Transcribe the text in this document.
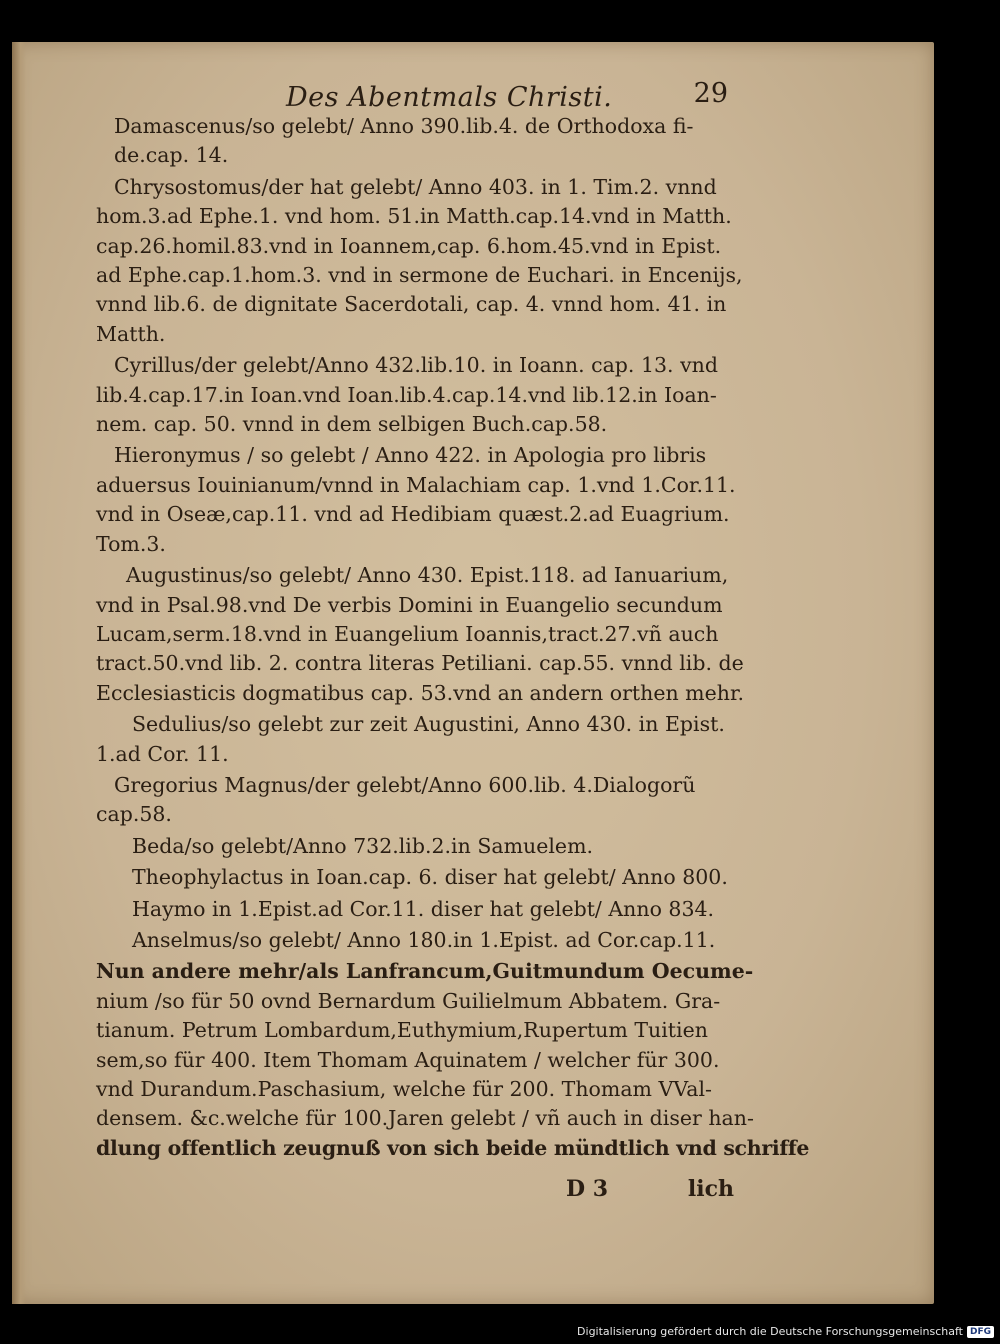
Des Abentmals Christi.	29

Damascenus/so gelebt/ Anno 390.lib.4. de Orthodoxa fi-
de.cap. 14.

Chrysostomus/der hat gelebt/ Anno 403. in 1. Tim.2. vnnd
hom.3.ad Ephe.1. vnd hom. 51.in Matth.cap.14.vnd in Matth.
cap.26.homil.83.vnd in Ioannem,cap. 6.hom.45.vnd in Epist.
ad Ephe.cap.1.hom.3. vnd in sermone de Euchari. in Encenijs,
vnnd lib.6. de dignitate Sacerdotali, cap. 4. vnnd hom. 41. in
Matth.

Cyrillus/der gelebt/Anno 432.lib.10. in Ioann. cap. 13. vnd
lib.4.cap.17.in Ioan.vnd Ioan.lib.4.cap.14.vnd lib.12.in Ioan-
nem. cap. 50. vnnd in dem selbigen Buch.cap.58.

Hieronymus / so gelebt / Anno 422. in Apologia pro libris
aduersus Iouinianum/vnnd in Malachiam cap. 1.vnd 1.Cor.11.
vnd in Oseæ,cap.11. vnd ad Hedibiam quæst.2.ad Euagrium.
Tom.3.

Augustinus/so gelebt/ Anno 430. Epist.118. ad Ianuarium,
vnd in Psal.98.vnd De verbis Domini in Euangelio secundum
Lucam,serm.18.vnd in Euangelium Ioannis,tract.27.vñ auch
tract.50.vnd lib. 2. contra literas Petiliani. cap.55. vnnd lib. de
Ecclesiasticis dogmatibus cap. 53.vnd an andern orthen mehr.

Sedulius/so gelebt zur zeit Augustini, Anno 430. in Epist.
1.ad Cor. 11.

Gregorius Magnus/der gelebt/Anno 600.lib. 4.Dialogorũ
cap.58.

Beda/so gelebt/Anno 732.lib.2.in Samuelem.

Theophylactus in Ioan.cap. 6. diser hat gelebt/ Anno 800.

Haymo in 1.Epist.ad Cor.11. diser hat gelebt/ Anno 834.

Anselmus/so gelebt/ Anno 180.in 1.Epist. ad Cor.cap.11.

Nun andere mehr/als Lanfrancum,Guitmundum Oecume-
nium /so für 50 ovnd Bernardum Guilielmum Abbatem. Gra-
tianum. Petrum Lombardum,Euthymium,Rupertum Tuitien
sem,so für 400. Item Thomam Aquinatem / welcher für 300.
vnd Durandum.Paschasium, welche für 200. Thomam VVal-
densem. &c.welche für 100.Jaren gelebt / vñ auch in diser han-
dlung offentlich zeugnuß von sich beide mündtlich vnd schriffe

D 3	lich
Digitalisierung gefördert durch die Deutsche Forschungsgemeinschaft DFG
